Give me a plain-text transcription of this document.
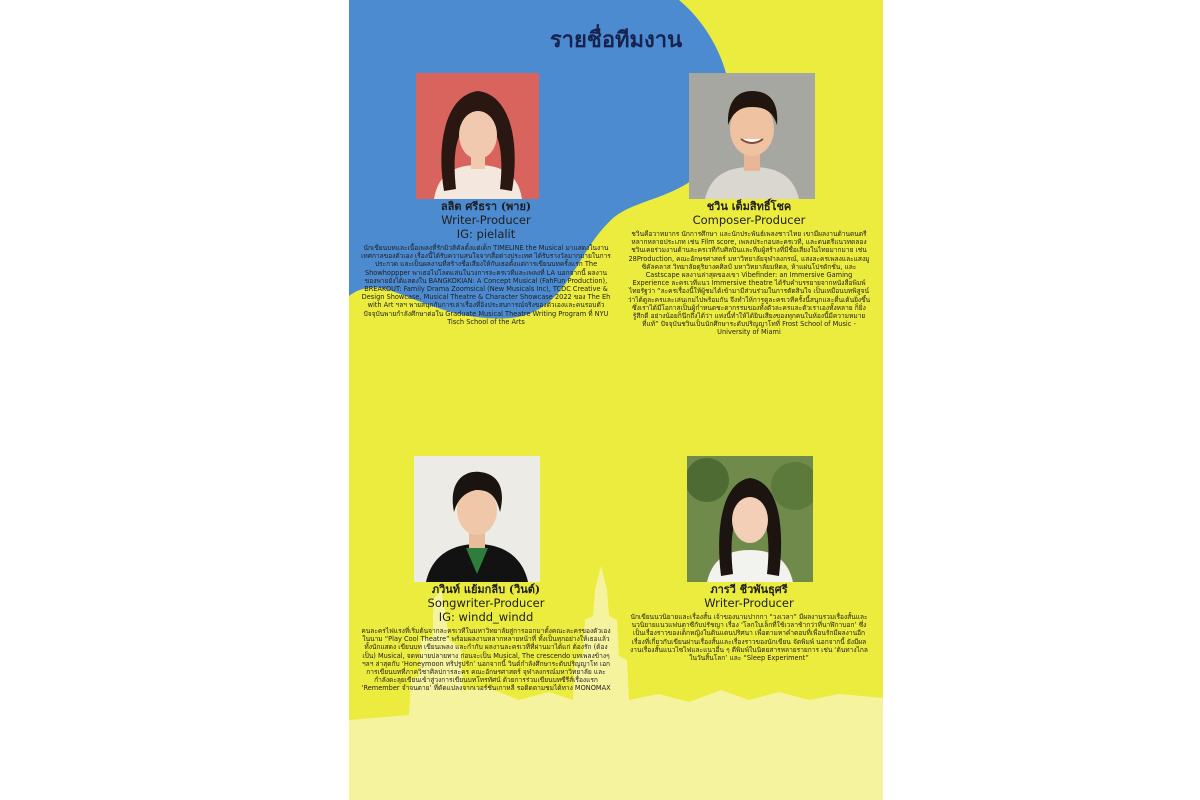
รายชื่อทีมงาน
ลลิต ศรีธรา (พาย)
Writer-Producer
IG: pielalit
นักเขียนบทและเนื้อเพลงที่รักมิวสิคัลตั้งแต่เด็ก TIMELINE the Musical มาแสดงในงานเทศกาลของตัวเอง เรื่องนี้ได้รับความสนใจจากสื่อต่างประเทศ ได้รับรางวัลมากมายในการประกวด และเป็นผลงานที่สร้างชื่อเสียงให้กับเธอตั้งแต่การเขียนบทครั้งแรก The Showhoppper พาเธอไปโลดแล่นในวงการละครเวทีและเพลงที่ LA นอกจากนี้ ผลงานของพายยังได้แสดงใน BANGKOKIAN: A Concept Musical (FahFun Production), BREAKOUT: Family Drama Zoomsical (New Musicals Inc), TCDC Creative & Design Showcase, Musical Theatre & Character Showcase 2022 ของ The Eh with Art ฯลฯ พายสนุกกับการเล่าเรื่องที่อิงประสบการณ์จริงของตัวเองและคนรอบตัว ปัจจุบันพายกำลังศึกษาต่อใน Graduate Musical Theatre Writing Program ที่ NYU Tisch School of the Arts
ชวิน เต็มสิทธิ์โชค
Composer-Producer
ชวินคือวาทยากร นักการศึกษา และนักประพันธ์เพลงชาวไทย เขามีผลงานด้านดนตรีหลากหลายประเภท เช่น Film score, เพลงประกอบละครเวที, และดนตรีแนวทดลอง ชวินเคยร่วมงานด้านละครเวทีกับศิลปินและทีมผู้สร้างที่มีชื่อเสียงในไทยมากมาย เช่น 28Production, คณะอักษรศาสตร์ มหาวิทยาลัยจุฬาลงกรณ์, แสงละครเพลงและแสงมูซิคัลคลาส วิทยาลัยดุริยางคศิลป์ มหาวิทยาลัยมหิดล, ห้าแผ่นโปรดักชั่น, และ Castscape ผลงานล่าสุดของเขา Vibefinder: an Immersive Gaming Experience ละครเวทีแนว Immersive theatre ได้รับคำบรรยายจากหนังสือพิมพ์ไทยรัฐว่า “ละครเรื่องนี้ให้ผู้ชมได้เข้ามามีส่วนร่วมในการตัดสินใจ เป็นเหมือนบทพิสูจน์ว่าได้ดูละครและเล่นเกมไปพร้อมกัน จึงทำให้การดูละครเวทีครั้งนี้สนุกและตื่นเต้นยิ่งขึ้น ซึ่งเราได้มีโอกาสเป็นผู้กำหนดชะตากรรมของทั้งตัวละครและตัวเราเองทั้งหลาย ก็ยิ่งรู้สึกดี อย่างน้อยก็นึกถึงได้ว่า แห่งนี้ทำให้ได้ยินเสียงของทุกคนในห้องนี้มีความหมายที่แท้” ปัจจุบันชวินเป็นนักศึกษาระดับปริญญาโทที่ Frost School of Music - University of Miami
ภวินท์ แย้มกลีบ (วินต์)
Songwriter-Producer
IG: windd_windd
คนละครไฟแรงที่เริ่มต้นจากละครเวทีในมหาวิทยาลัยสู่การออกมาตั้งคณะละครของตัวเองในนาม “Play Cool Theatre” พร้อมผลงานหลากหลายหน้าที่ ทั้งเป็นทุกอย่างให้เธอแล้ว ทั้งนักแสดง เขียนบท เขียนเพลง และกำกับ ผลงานละครเวทีที่ผ่านมาได้แก่ ต้องรัก (ต้องเป็น) Musical, จดหมายปลายทาง ก่อนจะเป็น Musical, The crescendo บทเพลงข้างๆ ฯลฯ ล่าสุดกับ ‘Honeymoon ทริปรูปรัก’ นอกจากนี้ วินต์กำลังศึกษาระดับปริญญาโท เอกการเขียนบทที่ภาควิชาศิลปการละคร คณะอักษรศาสตร์ จุฬาลงกรณ์มหาวิทยาลัย และกำลังตะลุยเขียนเข้าสู่วงการเขียนบทโทรทัศน์ ด้วยการร่วมเขียนบทซีรีส์เรื่องแรก ‘Remember จำจนตาย’ ที่ดัดแปลงจากเวอร์ชันเกาหลี รอติดตามชมได้ทาง MONOMAX
ภารวี ชีวพันธุศรี
Writer-Producer
นักเขียนนวนิยายและเรื่องสั้น เจ้าของนามปากกา “วงเวลา” มีผลงานรวมเรื่องสั้นและนวนิยายแนวแฟนตาซีกับปรัชญา เรื่อง ‘โลกใบเล็กที่ใช้เวลาช้ากว่าที่นาฬิกาบอก’ ซึ่งเป็นเรื่องราวของเด็กหญิงในดินแดนปริศนา เพื่อตามหาคำตอบที่เพื่อนรักมีผลงานอีกเรื่องที่เกี่ยวกับเขียนผ่านเรื่องสั้นและเรื่องราวของนักเขียน จัดพิมพ์ นอกจากนี้ ยังมีผลงานเรื่องสั้นแนวไซไฟและแนวอื่น ๆ ตีพิมพ์ในนิตยสารหลายรายการ เช่น ‘ต้นทางไกลในวันสิ้นโลก’ และ “Sleep Experiment”
